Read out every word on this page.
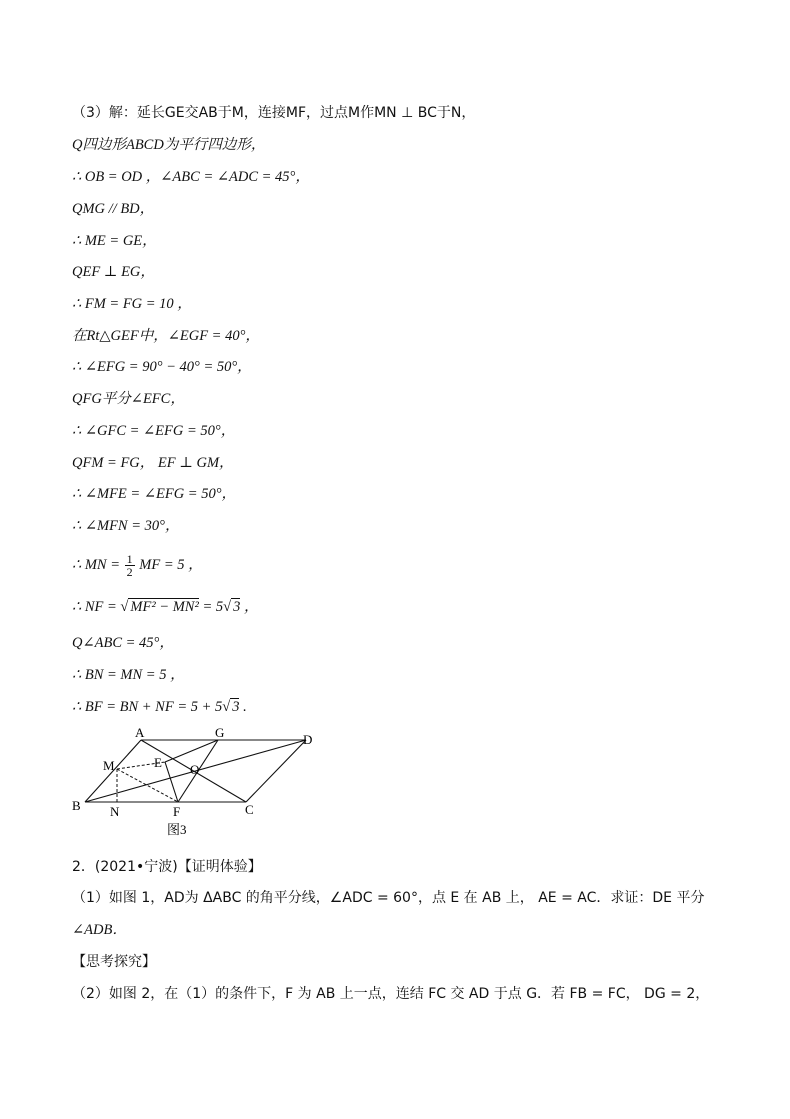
（3）解：延长GE交AB于M，连接MF，过点M作MN ⊥ BC于N，
Q四边形ABCD为平行四边形，
∴ OB = OD ，∠ABC = ∠ADC = 45°，
QMG // BD，
∴ ME = GE，
QEF ⊥ EG，
∴ FM = FG = 10 ，
在Rt△GEF中，∠EGF = 40°，
∴ ∠EFG = 90° − 40° = 50°，
QFG平分∠EFC，
∴ ∠GFC = ∠EFG = 50°，
QFM = FG， EF ⊥ GM，
∴ ∠MFE = ∠EFG = 50°，
∴ ∠MFN = 30°，
∴ MN = $\frac{1}{2}$ MF = 5 ，
∴ NF = √ MF² − MN² = 5√ 3 ，
Q∠ABC = 45°，
∴ BN = MN = 5 ，
∴ BF = BN + NF = 5 + 5√ 3 .
A	G	D
M	E O
B N	F	C
图3
2．(2021•宁波)【证明体验】
（1）如图 1，AD为 ΔABC 的角平分线，∠ADC = 60°，点 E 在 AB 上， AE = AC．求证：DE 平分
∠ADB．
【思考探究】
（2）如图 2，在（1）的条件下，F 为 AB 上一点，连结 FC 交 AD 于点 G．若 FB = FC， DG = 2，
